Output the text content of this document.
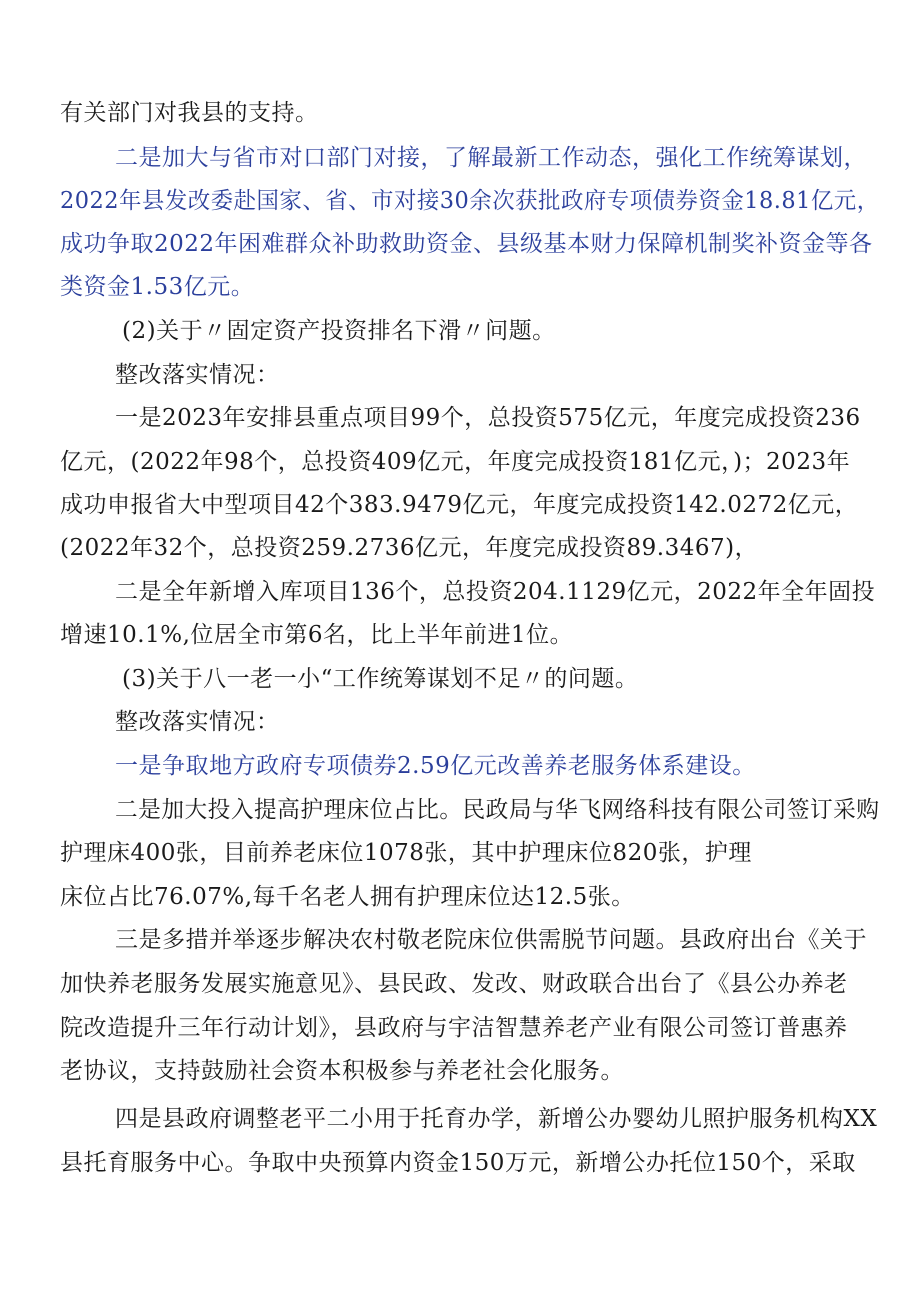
有关部门对我县的支持。
二是加大与省市对口部门对接，了解最新工作动态，强化工作统筹谋划，
2022年县发改委赴国家、省、市对接30余次获批政府专项债券资金18.81亿元，
成功争取2022年困难群众补助救助资金、县级基本财力保障机制奖补资金等各
类资金1.53亿元。
(2)关于〃固定资产投资排名下滑〃问题。
整改落实情况：
一是2023年安排县重点项目99个，总投资575亿元，年度完成投资236
亿元，(2022年98个，总投资409亿元，年度完成投资181亿元，)；2023年
成功申报省大中型项目42个383.9479亿元，年度完成投资142.0272亿元，
(2022年32个，总投资259.2736亿元，年度完成投资89.3467)，
二是全年新增入库项目136个，总投资204.1129亿元，2022年全年固投
增速10.1%,位居全市第6名，比上半年前进1位。
(3)关于八一老一小“工作统筹谋划不足〃的问题。
整改落实情况：
一是争取地方政府专项债券2.59亿元改善养老服务体系建设。
二是加大投入提高护理床位占比。民政局与华飞网络科技有限公司签订采购
护理床400张，目前养老床位1078张，其中护理床位820张，护理
床位占比76.07%,每千名老人拥有护理床位达12.5张。
三是多措并举逐步解决农村敬老院床位供需脱节问题。县政府出台《关于
加快养老服务发展实施意见》、县民政、发改、财政联合出台了《县公办养老
院改造提升三年行动计划》，县政府与宇洁智慧养老产业有限公司签订普惠养
老协议，支持鼓励社会资本积极参与养老社会化服务。
四是县政府调整老平二小用于托育办学，新增公办婴幼儿照护服务机构XX
县托育服务中心。争取中央预算内资金150万元，新增公办托位150个，采取
